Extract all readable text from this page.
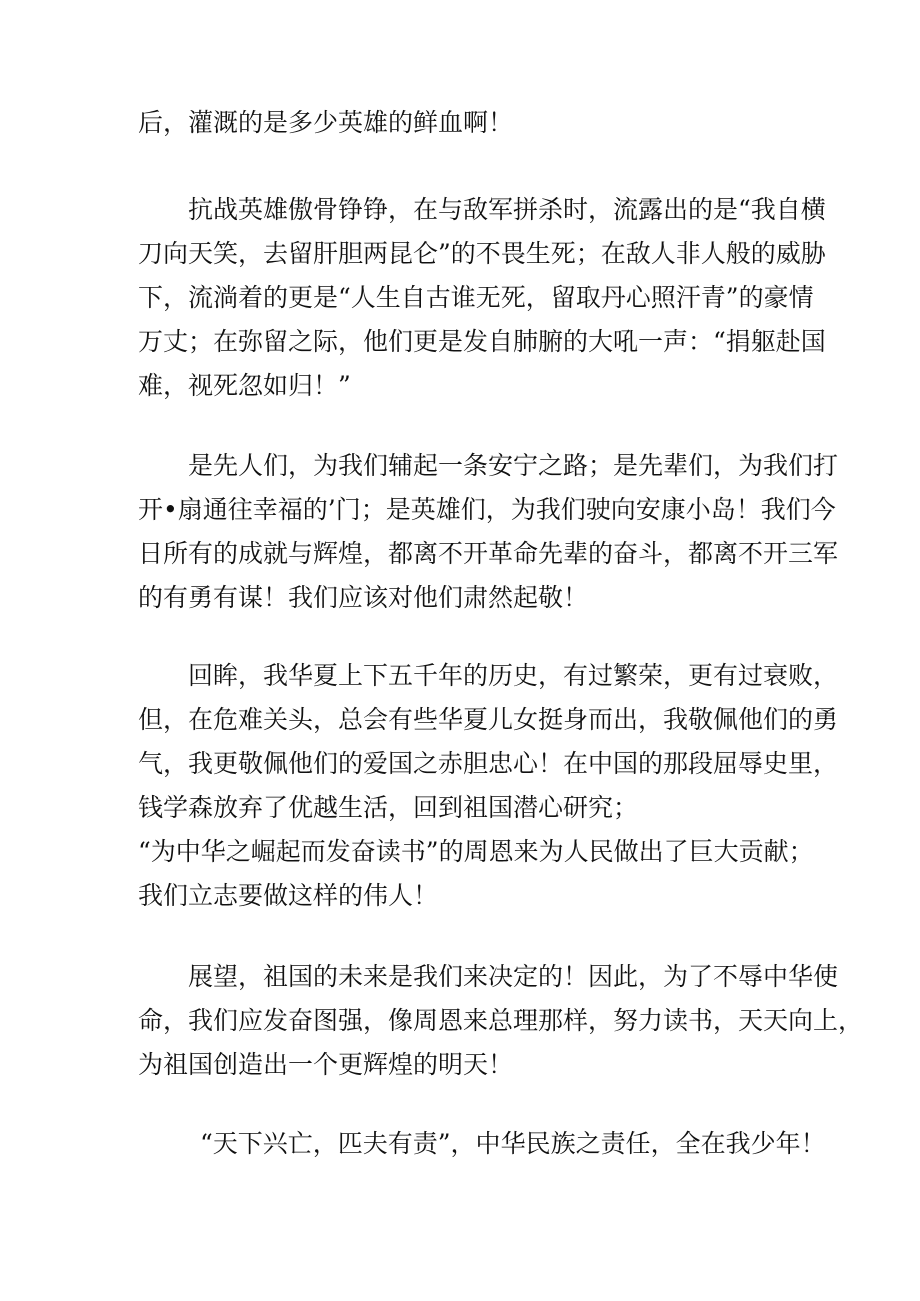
后，灌溉的是多少英雄的鲜血啊！

抗战英雄傲骨铮铮，在与敌军拼杀时，流露出的是“我自横
刀向天笑，去留肝胆两昆仑”的不畏生死；在敌人非人般的威胁
下，流淌着的更是“人生自古谁无死，留取丹心照汗青”的豪情
万丈；在弥留之际，他们更是发自肺腑的大吼一声：“捐躯赴国
难，视死忽如归！”

是先人们，为我们辅起一条安宁之路；是先辈们，为我们打
开•扇通往幸福的’门；是英雄们，为我们驶向安康小岛！我们今
日所有的成就与辉煌，都离不开革命先辈的奋斗，都离不开三军
的有勇有谋！我们应该对他们肃然起敬！

回眸，我华夏上下五千年的历史，有过繁荣，更有过衰败，
但，在危难关头，总会有些华夏儿女挺身而出，我敬佩他们的勇
气，我更敬佩他们的爱国之赤胆忠心！在中国的那段屈辱史里，
钱学森放弃了优越生活，回到祖国潜心研究；
“为中华之崛起而发奋读书”的周恩来为人民做出了巨大贡献；
我们立志要做这样的伟人！

展望，祖国的未来是我们来决定的！因此，为了不辱中华使
命，我们应发奋图强，像周恩来总理那样，努力读书，天天向上，
为祖国创造出一个更辉煌的明天！

“天下兴亡，匹夫有责”，中华民族之责任，全在我少年！
